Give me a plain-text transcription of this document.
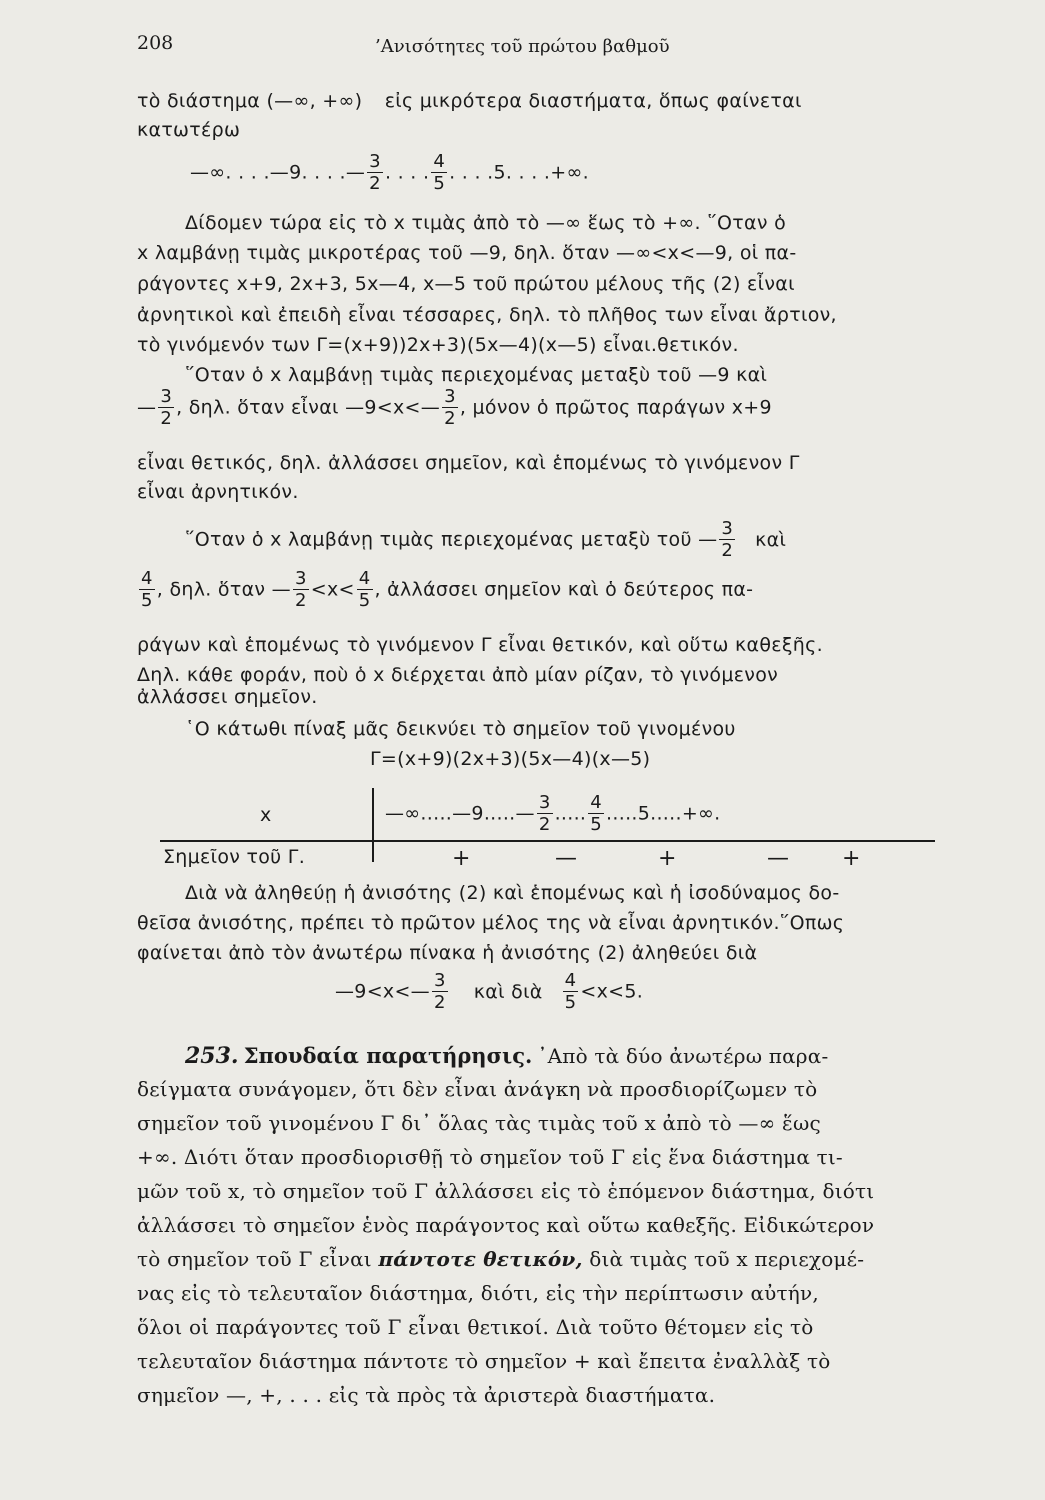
208	’Ανισότητες τοῦ πρώτου βαθμοῦ
τὸ διάστημα (—∞, +∞) εἰς μικρότερα διαστήματα, ὅπως φαίνεται
κατωτέρω
—∞. . . .—9. . . .— $\frac{3}{2}$ . . . . $\frac{4}{5}$ . . . .5. . . .+∞.
Δίδομεν τώρα εἰς τὸ x τιμὰς ἀπὸ τὸ —∞ ἕως τὸ +∞. ῞Οταν ὁ
x λαμβάνῃ τιμὰς μικροτέρας τοῦ —9, δηλ. ὅταν —∞<x<—9, οἱ πα-
ράγοντες x+9, 2x+3, 5x—4, x—5 τοῦ πρώτου μέλους τῆς (2) εἶναι
ἀρνητικοὶ καὶ ἐπειδὴ εἶναι τέσσαρες, δηλ. τὸ πλῆθος των εἶναι ἄρτιον,
τὸ γινόμενόν των Γ=(x+9))2x+3)(5x—4)(x—5) εἶναι.θετικόν.
῞Οταν ὁ x λαμβάνῃ τιμὰς περιεχομένας μεταξὺ τοῦ —9 καὶ
— $\frac{3}{2}$ , δηλ. ὅταν εἶναι —9<x<— $\frac{3}{2}$ , μόνον ὁ πρῶτος παράγων x+9
εἶναι θετικός, δηλ. ἀλλάσσει σημεῖον, καὶ ἑπομένως τὸ γινόμενον Γ
εἶναι ἀρνητικόν.
῞Οταν ὁ x λαμβάνῃ τιμὰς περιεχομένας μεταξὺ τοῦ — $\frac{3}{2}$ καὶ
$\frac{4}{5}$ , δηλ. ὅταν — $\frac{3}{2} <x< \frac{4}{5}$ , ἀλλάσσει σημεῖον καὶ ὁ δεύτερος πα-
ράγων καὶ ἑπομένως τὸ γινόμενον Γ εἶναι θετικόν, καὶ οὕτω καθεξῆς.
Δηλ. κάθε φοράν, ποὺ ὁ x διέρχεται ἀπὸ μίαν ρίζαν, τὸ γινόμενον
ἀλλάσσει σημεῖον.
῾Ο κάτωθι πίναξ μᾶς δεικνύει τὸ σημεῖον τοῦ γινομένου
Γ=(x+9)(2x+3)(5x—4)(x—5)
x	—∞.....—9.....— $\frac{3}{2}$ ..... $\frac{4}{5} .....5.....+\infty$.
Σημεῖον τοῦ Γ.	+	—	+	— +
Διὰ νὰ ἀληθεύῃ ἡ ἀνισότης (2) καὶ ἑπομένως καὶ ἡ ἰσοδύναμος δο-
θεῖσα ἀνισότης, πρέπει τὸ πρῶτον μέλος της νὰ εἶναι ἀρνητικόν.῞Οπως
φαίνεται ἀπὸ τὸν ἀνωτέρω πίνακα ἡ ἀνισότης (2) ἀληθεύει διὰ
—9<x<— $\frac{3}{2}$ καὶ διὰ $\frac{4}{5} <x<5$.
253. Σπουδαία παρατήρησις. ᾿Απὸ τὰ δύο ἀνωτέρω παρα-
δείγματα συνάγομεν, ὅτι δὲν εἶναι ἀνάγκη νὰ προσδιορίζωμεν τὸ
σημεῖον τοῦ γινομένου Γ δι᾿ ὅλας τὰς τιμὰς τοῦ x ἀπὸ τὸ —∞ ἕως
+∞. Διότι ὅταν προσδιορισθῇ τὸ σημεῖον τοῦ Γ εἰς ἕνα διάστημα τι-
μῶν τοῦ x, τὸ σημεῖον τοῦ Γ ἀλλάσσει εἰς τὸ ἑπόμενον διάστημα, διότι
ἀλλάσσει τὸ σημεῖον ἑνὸς παράγοντος καὶ οὕτω καθεξῆς. Εἰδικώτερον
τὸ σημεῖον τοῦ Γ εἶναι πάντοτε θετικόν, διὰ τιμὰς τοῦ x περιεχομέ-
νας εἰς τὸ τελευταῖον διάστημα, διότι, εἰς τὴν περίπτωσιν αὐτήν,
ὅλοι οἱ παράγοντες τοῦ Γ εἶναι θετικοί. Διὰ τοῦτο θέτομεν εἰς τὸ
τελευταῖον διάστημα πάντοτε τὸ σημεῖον + καὶ ἔπειτα ἐναλλὰξ τὸ
σημεῖον —, +, . . . εἰς τὰ πρὸς τὰ ἀριστερὰ διαστήματα.
